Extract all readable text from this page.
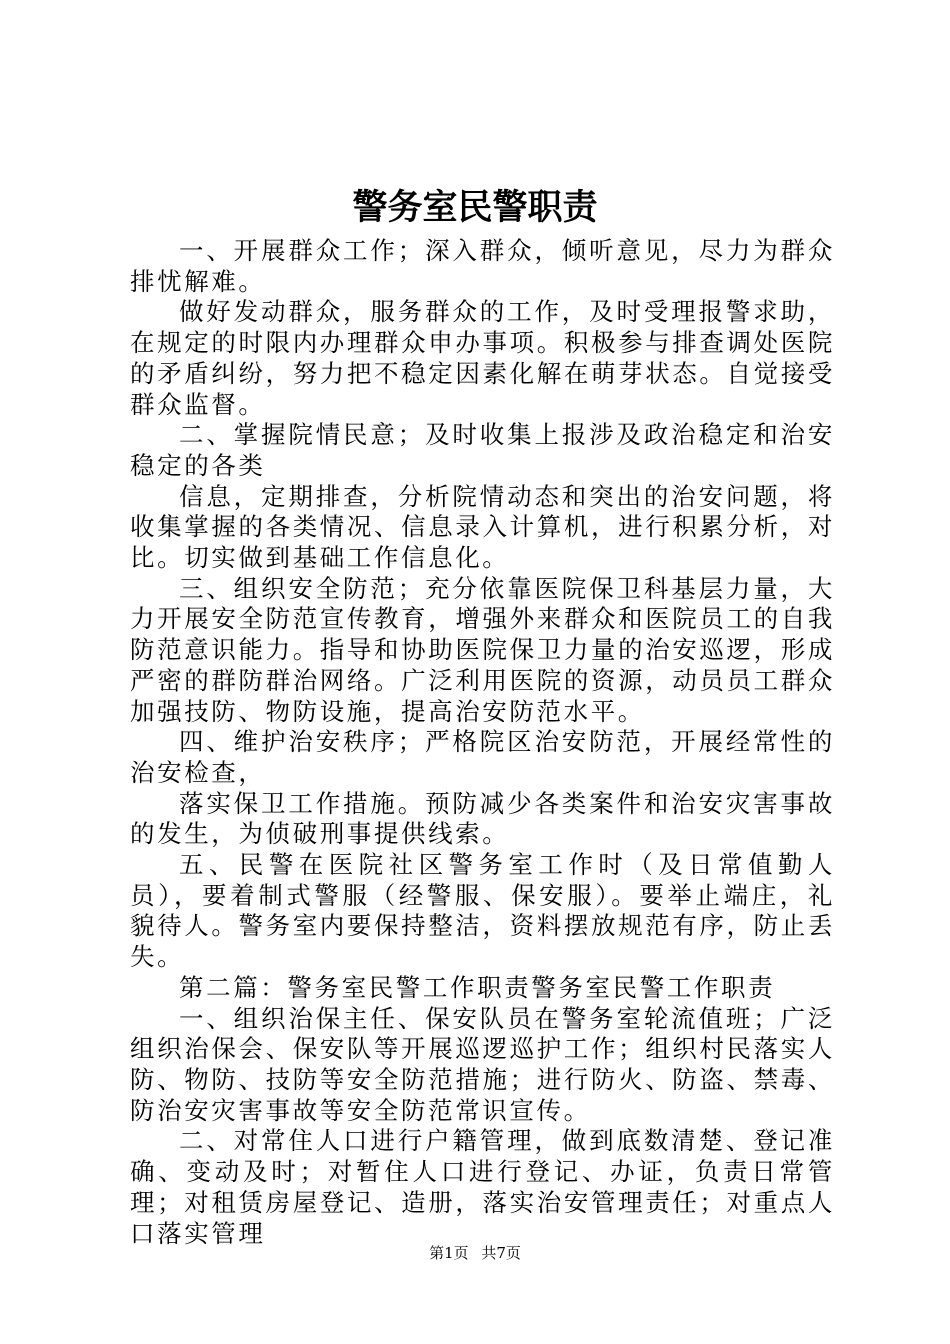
警务室民警职责

一、开展群众工作；深入群众，倾听意见，尽力为群众排忧解难。

做好发动群众，服务群众的工作，及时受理报警求助，在规定的时限内办理群众申办事项。积极参与排查调处医院的矛盾纠纷，努力把不稳定因素化解在萌芽状态。自觉接受群众监督。

二、掌握院情民意；及时收集上报涉及政治稳定和治安稳定的各类

信息，定期排查，分析院情动态和突出的治安问题，将收集掌握的各类情况、信息录入计算机，进行积累分析，对比。切实做到基础工作信息化。

三、组织安全防范；充分依靠医院保卫科基层力量，大力开展安全防范宣传教育，增强外来群众和医院员工的自我防范意识能力。指导和协助医院保卫力量的治安巡逻，形成严密的群防群治网络。广泛利用医院的资源，动员员工群众加强技防、物防设施，提高治安防范水平。

四、维护治安秩序；严格院区治安防范，开展经常性的治安检查，

落实保卫工作措施。预防减少各类案件和治安灾害事故的发生，为侦破刑事提供线索。

五、民警在医院社区警务室工作时（及日常值勤人员），要着制式警服（经警服、保安服）。要举止端庄，礼貌待人。警务室内要保持整洁，资料摆放规范有序，防止丢失。

第二篇：警务室民警工作职责警务室民警工作职责

一、组织治保主任、保安队员在警务室轮流值班；广泛组织治保会、保安队等开展巡逻巡护工作；组织村民落实人防、物防、技防等安全防范措施；进行防火、防盗、禁毒、防治安灾害事故等安全防范常识宣传。

二、对常住人口进行户籍管理，做到底数清楚、登记准确、变动及时；对暂住人口进行登记、办证，负责日常管理；对租赁房屋登记、造册，落实治安管理责任；对重点人口落实管理

第1页 共7页
